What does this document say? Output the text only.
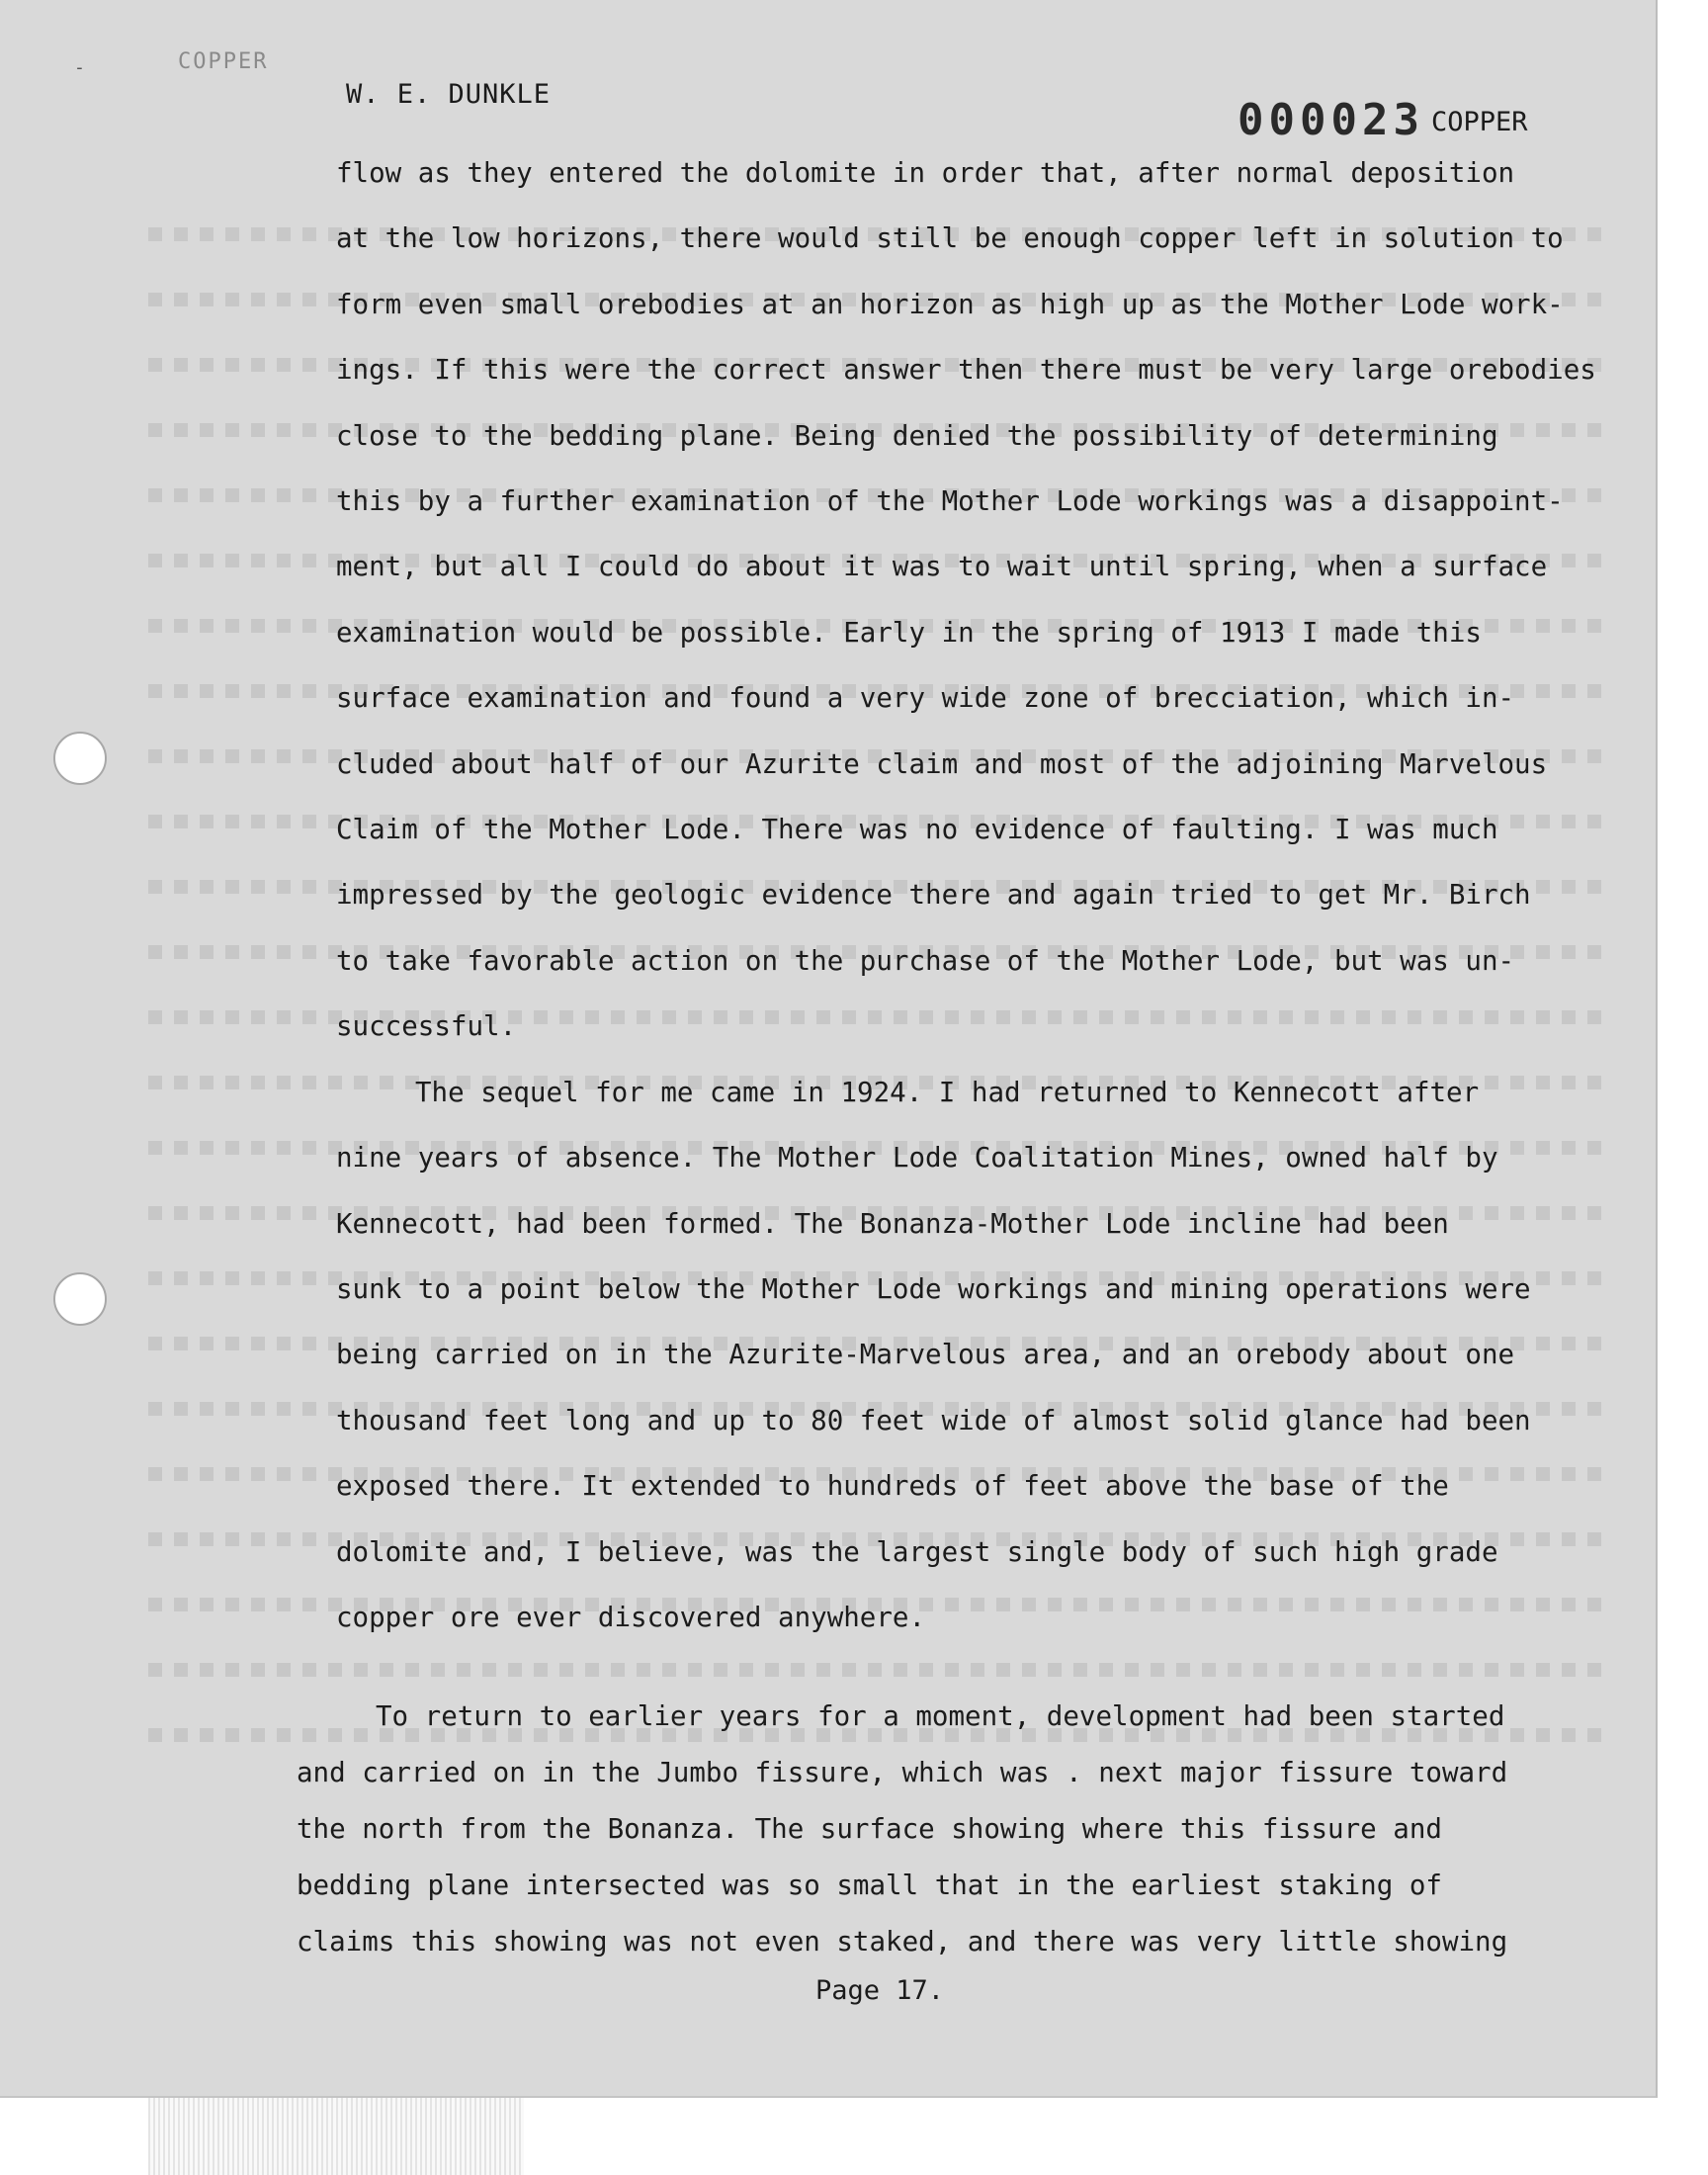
-	COPPER
W. E. DUNKLE
000023 COPPER
flow as they entered the dolomite in order that, after normal deposition
at the low horizons, there would still be enough copper left in solution to
form even small orebodies at an horizon as high up as the Mother Lode work-
ings. If this were the correct answer then there must be very large orebodies
close to the bedding plane. Being denied the possibility of determining
this by a further examination of the Mother Lode workings was a disappoint-
ment, but all I could do about it was to wait until spring, when a surface
examination would be possible. Early in the spring of 1913 I made this
surface examination and found a very wide zone of brecciation, which in-
cluded about half of our Azurite claim and most of the adjoining Marvelous
Claim of the Mother Lode. There was no evidence of faulting. I was much
impressed by the geologic evidence there and again tried to get Mr. Birch
to take favorable action on the purchase of the Mother Lode, but was un-
successful.
The sequel for me came in 1924. I had returned to Kennecott after
nine years of absence. The Mother Lode Coalitation Mines, owned half by
Kennecott, had been formed. The Bonanza-Mother Lode incline had been
sunk to a point below the Mother Lode workings and mining operations were
being carried on in the Azurite-Marvelous area, and an orebody about one
thousand feet long and up to 80 feet wide of almost solid glance had been
exposed there. It extended to hundreds of feet above the base of the
dolomite and, I believe, was the largest single body of such high grade
copper ore ever discovered anywhere.
To return to earlier years for a moment, development had been started
and carried on in the Jumbo fissure, which was . next major fissure toward
the north from the Bonanza. The surface showing where this fissure and
bedding plane intersected was so small that in the earliest staking of
claims this showing was not even staked, and there was very little showing
Page 17.
